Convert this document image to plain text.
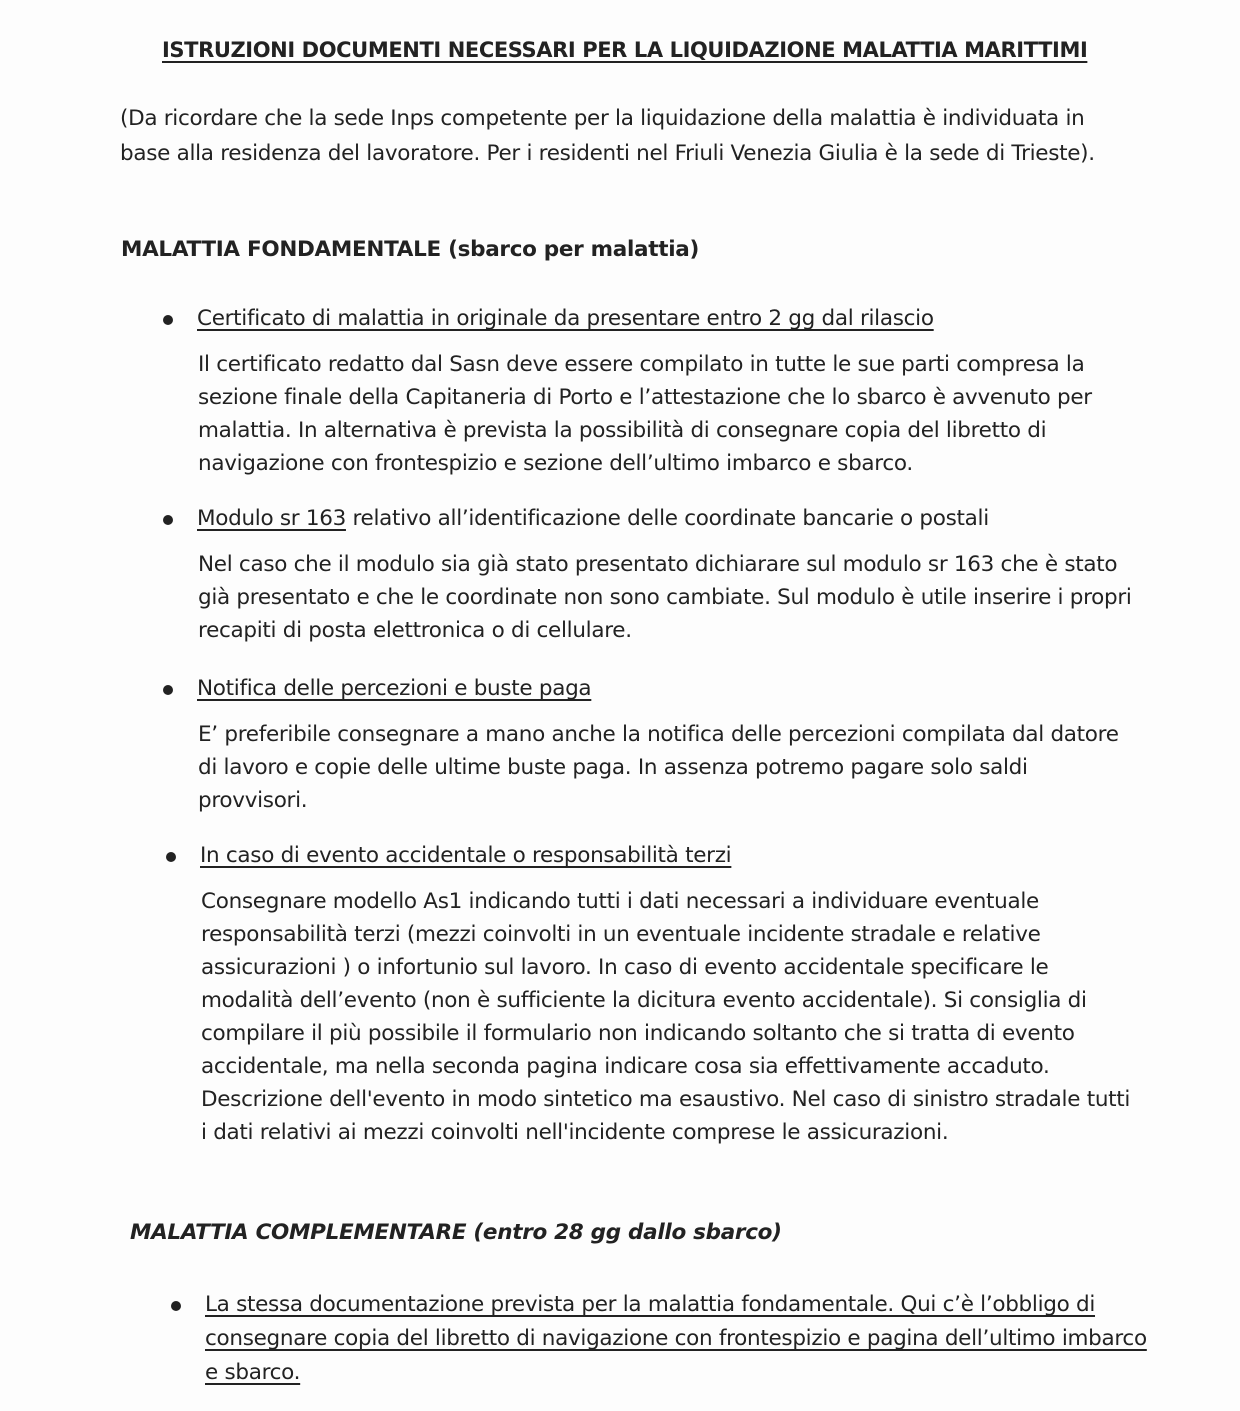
ISTRUZIONI DOCUMENTI NECESSARI PER LA LIQUIDAZIONE MALATTIA MARITTIMI
(Da ricordare che la sede Inps competente per la liquidazione della malattia è individuata in base alla residenza del lavoratore. Per i residenti nel Friuli Venezia Giulia è la sede di Trieste).
MALATTIA FONDAMENTALE (sbarco per malattia)
Certificato di malattia in originale da presentare entro 2 gg dal rilascio
Il certificato redatto dal Sasn deve essere compilato in tutte le sue parti compresa la sezione finale della Capitaneria di Porto e l’attestazione che lo sbarco è avvenuto per malattia. In alternativa è prevista la possibilità di consegnare copia del libretto di navigazione con frontespizio e sezione dell’ultimo imbarco e sbarco.
Modulo sr 163 relativo all’identificazione delle coordinate bancarie o postali
Nel caso che il modulo sia già stato presentato dichiarare sul modulo sr 163 che è stato già presentato e che le coordinate non sono cambiate. Sul modulo è utile inserire i propri recapiti di posta elettronica o di cellulare.
Notifica delle percezioni e buste paga
E’ preferibile consegnare a mano anche la notifica delle percezioni compilata dal datore di lavoro e copie delle ultime buste paga. In assenza potremo pagare solo saldi provvisori.
In caso di evento accidentale o responsabilità terzi
Consegnare modello As1 indicando tutti i dati necessari a individuare eventuale responsabilità terzi (mezzi coinvolti in un eventuale incidente stradale e relative assicurazioni ) o infortunio sul lavoro. In caso di evento accidentale specificare le modalità dell’evento (non è sufficiente la dicitura evento accidentale). Si consiglia di compilare il più possibile il formulario non indicando soltanto che si tratta di evento accidentale, ma nella seconda pagina indicare cosa sia effettivamente accaduto. Descrizione dell'evento in modo sintetico ma esaustivo. Nel caso di sinistro stradale tutti i dati relativi ai mezzi coinvolti nell'incidente comprese le assicurazioni.
MALATTIA COMPLEMENTARE (entro 28 gg dallo sbarco)
La stessa documentazione prevista per la malattia fondamentale. Qui c’è l’obbligo di consegnare copia del libretto di navigazione con frontespizio e pagina dell’ultimo imbarco e sbarco.
